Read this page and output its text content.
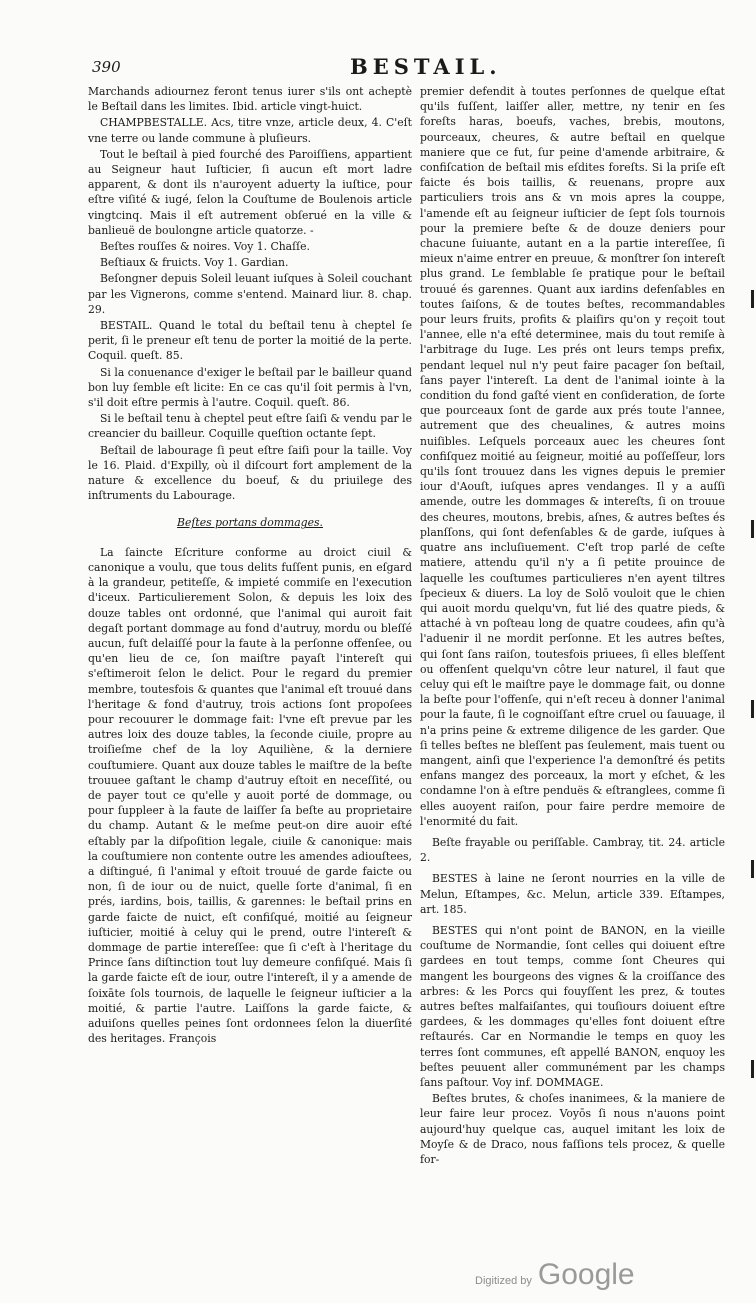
390	BESTAIL.

Marchands adiournez feront tenus iurer s'ils ont acheptè le Beſtail dans les limites. Ibid. article vingt-huict.

CHAMPBESTALLE. Acs, titre vnze, article deux, 4. C'eſt vne terre ou lande commune à pluſieurs.

Tout le beſtail à pied fourché des Paroiſſiens, appartient au Seigneur haut Iuſticier, ſi aucun eſt mort ladre apparent, & dont ils n'auroyent aduerty la iuſtice, pour eſtre viſité & iugé, ſelon la Couſtume de Boulenois article vingtcinq. Mais il eſt autrement obſerué en la ville & banlieuë de boulongne article quatorze. -

Beſtes rouſſes & noires. Voy 1. Chaſſe.

Beſtiaux & fruicts. Voy 1. Gardian.

Beſongner depuis Soleil leuant iuſques à Soleil couchant par les Vignerons, comme s'entend. Mainard liur. 8. chap. 29.

BESTAIL. Quand le total du beſtail tenu à cheptel ſe perit, ſi le preneur eſt tenu de porter la moitié de la perte. Coquil. queſt. 85.

Si la conuenance d'exiger le beſtail par le bailleur quand bon luy ſemble eſt licite: En ce cas qu'il ſoit permis à l'vn, s'il doit eſtre permis à l'autre. Coquil. queſt. 86.

Si le beſtail tenu à cheptel peut eſtre ſaiſi & vendu par le creancier du bailleur. Coquille queſtion octante ſept.

Beſtail de labourage ſi peut eſtre ſaiſi pour la taille. Voy le 16. Plaid. d'Expilly, où il diſcourt fort amplement de la nature & excellence du boeuf, & du priuilege des inſtruments du Labourage.

Beſtes portans dommages.

La ſaincte Eſcriture conforme au droict ciuil & canonique a voulu, que tous delits fuſſent punis, en eſgard à la grandeur, petiteſſe, & impieté commiſe en l'execution d'iceux. Particulierement Solon, & depuis les loix des douze tables ont ordonné, que l'animal qui auroit fait degaſt portant dommage au fond d'autruy, mordu ou bleſſé aucun, fuſt delaiſſé pour la faute à la perſonne offenſee, ou qu'en lieu de ce, ſon maiſtre payaſt l'intereſt qui s'eſtimeroit ſelon le delict. Pour le regard du premier membre, toutesfois & quantes que l'animal eſt trouué dans l'heritage & fond d'autruy, trois actions ſont propoſees pour recouurer le dommage fait: l'vne eſt prevue par les autres loix des douze tables, la ſeconde ciuile, propre au troiſieſme chef de la loy Aquiliène, & la derniere couſtumiere. Quant aux douze tables le maiſtre de la beſte trouuee gaſtant le champ d'autruy eſtoit en neceſſité, ou de payer tout ce qu'elle y auoit porté de dommage, ou pour ſuppleer à la faute de laiſſer ſa beſte au proprietaire du champ. Autant & le meſme peut-on dire auoir eſté eſtably par la diſpoſition legale, ciuile & canonique: mais la couſtumiere non contente outre les amendes adiouſtees, a diſtingué, ſi l'animal y eſtoit trouué de garde faicte ou non, ſi de iour ou de nuict, quelle ſorte d'animal, ſi en prés, iardins, bois, taillis, & garennes: le beſtail prins en garde faicte de nuict, eſt confiſqué, moitié au ſeigneur iuſticier, moitié à celuy qui le prend, outre l'intereſt & dommage de partie intereſſee: que ſi c'eſt à l'heritage du Prince ſans diſtinction tout luy demeure confiſqué. Mais ſi la garde faicte eſt de iour, outre l'intereſt, il y a amende de ſoixāte ſols tournois, de laquelle le ſeigneur iuſticier a la moitié, & partie l'autre. Laiſſons la garde faicte, & aduiſons quelles peines ſont ordonnees ſelon la diuerſité des heritages. François

premier defendit à toutes perſonnes de quelque eſtat qu'ils fuſſent, laiſſer aller, mettre, ny tenir en ſes foreſts haras, boeufs, vaches, brebis, moutons, pourceaux, cheures, & autre beſtail en quelque maniere que ce fut, ſur peine d'amende arbitraire, & confiſcation de beſtail mis eſdites foreſts. Si la priſe eſt faicte és bois taillis, & reuenans, propre aux particuliers trois ans & vn mois apres la couppe, l'amende eſt au ſeigneur iuſticier de ſept ſols tournois pour la premiere beſte & de douze deniers pour chacune ſuiuante, autant en a la partie intereſſee, ſi mieux n'aime entrer en preuue, & monſtrer ſon intereſt plus grand. Le ſemblable ſe pratique pour le beſtail trouué és garennes. Quant aux iardins defenſables en toutes ſaiſons, & de toutes beſtes, recommandables pour leurs fruits, profits & plaiſirs qu'on y reçoit tout l'annee, elle n'a eſté determinee, mais du tout remiſe à l'arbitrage du Iuge. Les prés ont leurs temps prefix, pendant lequel nul n'y peut faire pacager ſon beſtail, ſans payer l'intereſt. La dent de l'animal iointe à la condition du fond gaſté vient en conſideration, de ſorte que pourceaux ſont de garde aux prés toute l'annee, autrement que des cheualines, & autres moins nuiſibles. Leſquels porceaux auec les cheures ſont confiſquez moitié au ſeigneur, moitié au poſſeſſeur, lors qu'ils ſont trouuez dans les vignes depuis le premier iour d'Aouſt, iuſques apres vendanges. Il y a auſſi amende, outre les dommages & intereſts, ſi on trouue des cheures, moutons, brebis, aſnes, & autres beſtes és planſſons, qui ſont defenſables & de garde, iuſques à quatre ans incluſiuement. C'eſt trop parlé de ceſte matiere, attendu qu'il n'y a ſi petite prouince de laquelle les couſtumes particulieres n'en ayent tiltres ſpecieux & diuers. La loy de Solō vouloit que le chien qui auoit mordu quelqu'vn, fut lié des quatre pieds, & attaché à vn poſteau long de quatre coudees, afin qu'à l'aduenir il ne mordit perſonne. Et les autres beſtes, qui ſont ſans raiſon, toutesfois priuees, ſi elles bleſſent ou offenſent quelqu'vn côtre leur naturel, il faut que celuy qui eſt le maiſtre paye le dommage fait, ou donne la beſte pour l'offenſe, qui n'eſt receu à donner l'animal pour la faute, ſi le cognoiſſant eſtre cruel ou ſauuage, il n'a prins peine & extreme diligence de les garder. Que ſi telles beſtes ne bleſſent pas ſeulement, mais tuent ou mangent, ainſi que l'experience l'a demonſtré és petits enfans mangez des porceaux, la mort y eſchet, & les condamne l'on à eſtre penduës & eſtranglees, comme ſi elles auoyent raiſon, pour faire perdre memoire de l'enormité du fait.

Beſte frayable ou periſſable. Cambray, tit. 24. article 2.

BESTES à laine ne ſeront nourries en la ville de Melun, Eſtampes, &c. Melun, article 339. Eſtampes, art. 185.

BESTES qui n'ont point de BANON, en la vieille couſtume de Normandie, ſont celles qui doiuent eſtre gardees en tout temps, comme ſont Cheures qui mangent les bourgeons des vignes & la croiſſance des arbres: & les Porcs qui fouyſſent les prez, & toutes autres beſtes malfaiſantes, qui touſiours doiuent eſtre gardees, & les dommages qu'elles font doiuent eſtre reſtaurés. Car en Normandie le temps en quoy les terres ſont communes, eſt appellé BANON, enquoy les beſtes peuuent aller communément par les champs ſans paſtour. Voy inf. DOMMAGE.

Beſtes brutes, & choſes inanimees, & la maniere de leur faire leur procez. Voyōs ſi nous n'auons point aujourd'huy quelque cas, auquel imitant les loix de Moyſe & de Draco, nous faſſions tels procez, & quelle for-

Digitized by Google
